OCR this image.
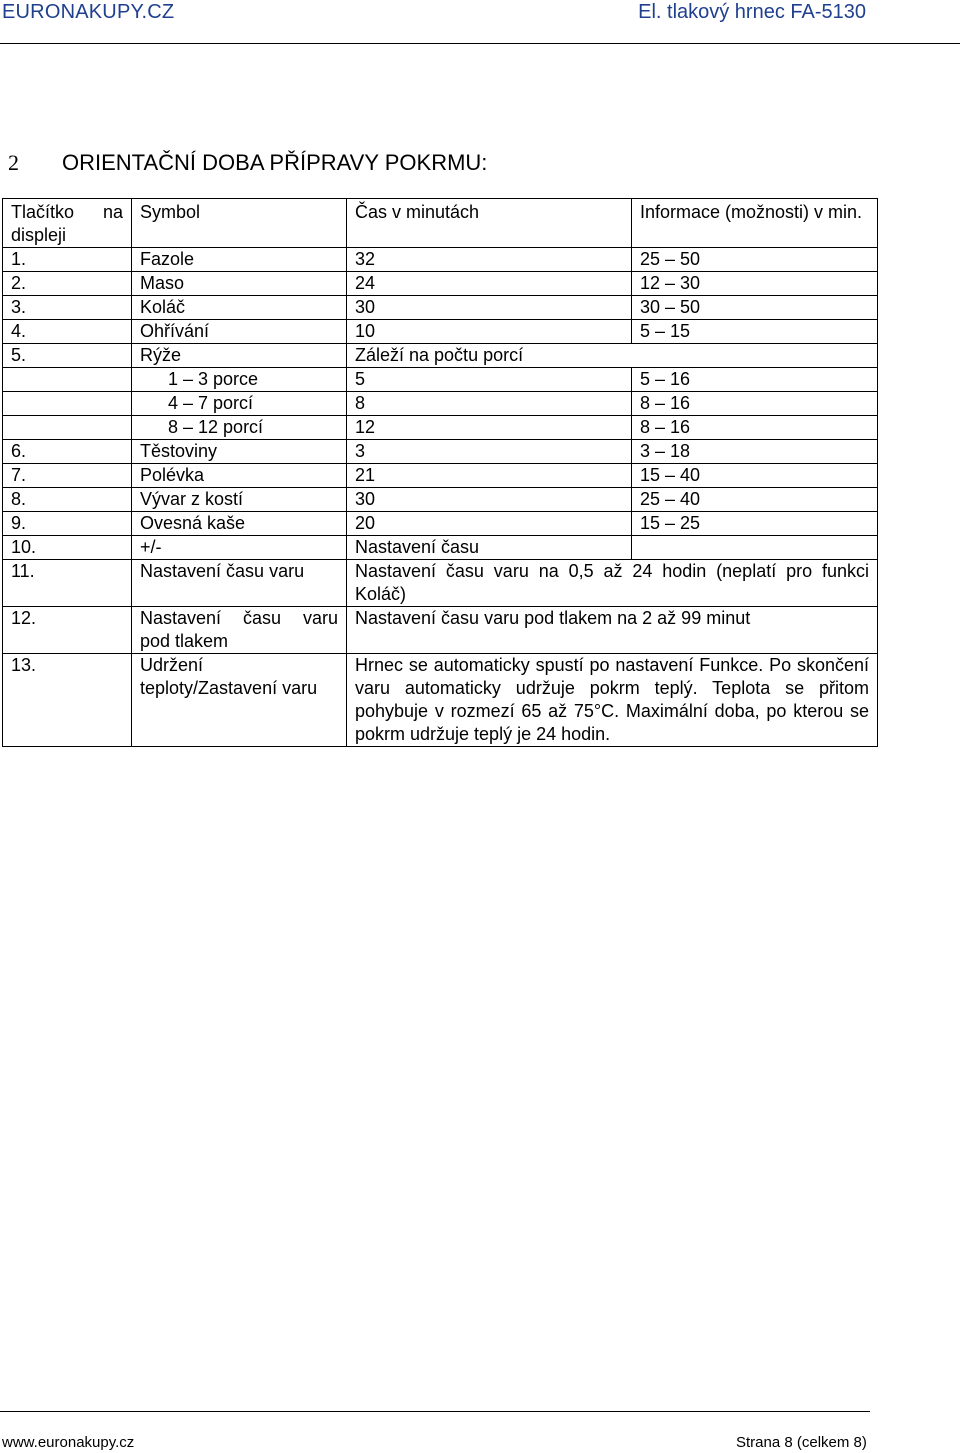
EURONAKUPY.CZ	El. tlakový hrnec FA-5130
2 ORIENTAČNÍ DOBA PŘÍPRAVY POKRMU:
Tlačítko na displeji	Symbol	Čas v minutách	Informace (možnosti) v min.
1.	Fazole	32	25 – 50
2.	Maso	24	12 – 30
3.	Koláč	30	30 – 50
4.	Ohřívání	10	5 – 15
5.	Rýže	Záleží na počtu porcí	
	1 – 3 porce	5	5 – 16
	4 – 7 porcí	8	8 – 16
	8 – 12 porcí	12	8 – 16
6.	Těstoviny	3	3 – 18
7.	Polévka	21	15 – 40
8.	Vývar z kostí	30	25 – 40
9.	Ovesná kaše	20	15 – 25
10.	+/-	Nastavení času	
11.	Nastavení času varu	Nastavení času varu na 0,5 až 24 hodin (neplatí pro funkci Koláč)	
12.	Nastavení času varu pod tlakem	Nastavení času varu pod tlakem na 2 až 99 minut	
13.	Udržení teploty/Zastavení varu	Hrnec se automaticky spustí po nastavení Funkce. Po skončení varu automaticky udržuje pokrm teplý. Teplota se přitom pohybuje v rozmezí 65 až 75°C. Maximální doba, po kterou se pokrm udržuje teplý je 24 hodin.	
www.euronakupy.cz	Strana 8 (celkem 8)
